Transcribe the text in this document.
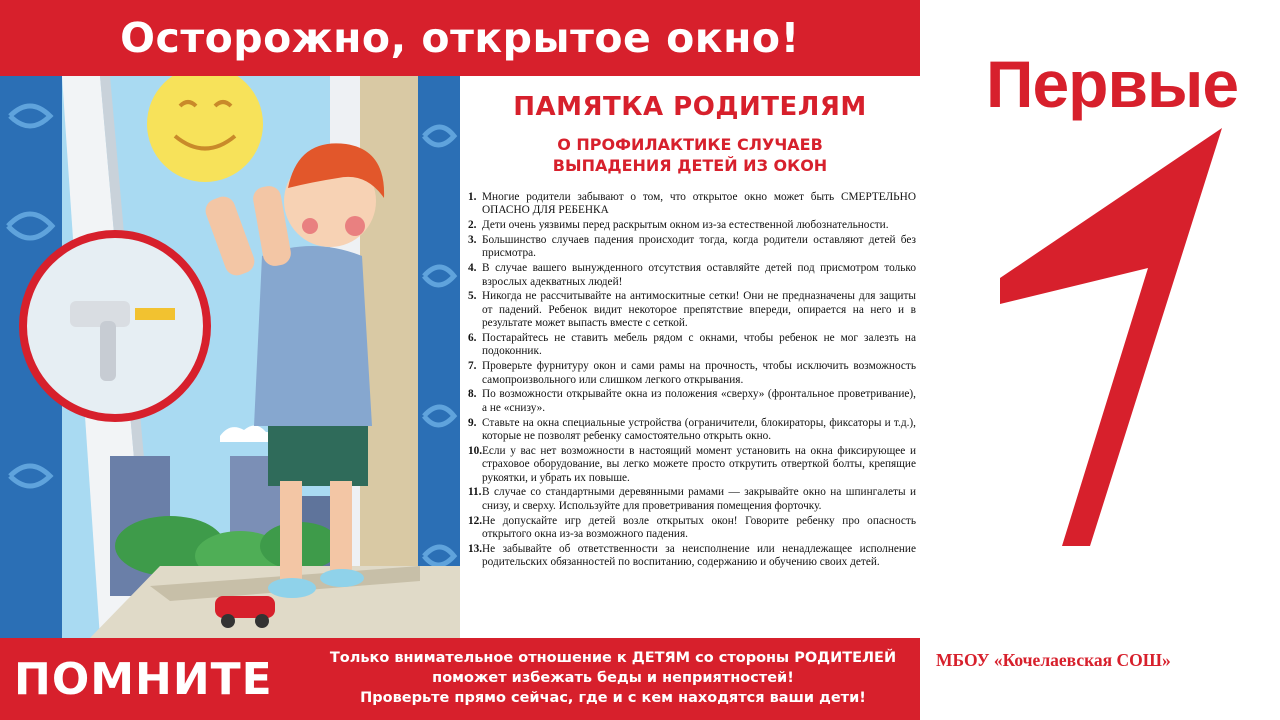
Осторожно, открытое окно!
ПАМЯТКА РОДИТЕЛЯМ
О ПРОФИЛАКТИКЕ СЛУЧАЕВ
ВЫПАДЕНИЯ ДЕТЕЙ ИЗ ОКОН
1. Многие родители забывают о том, что открытое окно может быть СМЕРТЕЛЬНО ОПАСНО ДЛЯ РЕБЕНКА
2. Дети очень уязвимы перед раскрытым окном из-за естественной любознательности.
3. Большинство случаев падения происходит тогда, когда родители оставляют детей без присмотра.
4. В случае вашего вынужденного отсутствия оставляйте детей под присмотром только взрослых адекватных людей!
5. Никогда не рассчитывайте на антимоскитные сетки! Они не предназначены для защиты от падений. Ребенок видит некоторое препятствие впереди, опирается на него и в результате может выпасть вместе с сеткой.
6. Постарайтесь не ставить мебель рядом с окнами, чтобы ребенок не мог залезть на подоконник.
7. Проверьте фурнитуру окон и сами рамы на прочность, чтобы исключить возможность самопроизвольного или слишком легкого открывания.
8. По возможности открывайте окна из положения «сверху» (фронтальное проветривание), а не «снизу».
9. Ставьте на окна специальные устройства (ограничители, блокираторы, фиксаторы и т.д.), которые не позволят ребенку самостоятельно открыть окно.
10.Если у вас нет возможности в настоящий момент установить на окна фиксирующее и страховое оборудование, вы легко можете просто открутить отверткой болты, крепящие рукоятки, и убрать их повыше.
11.В случае со стандартными деревянными рамами — закрывайте окно на шпингалеты и снизу, и сверху. Используйте для проветривания помещения форточку.
12.Не допускайте игр детей возле открытых окон! Говорите ребенку про опасность открытого окна из-за возможного падения.
13.Не забывайте об ответственности за неисполнение или ненадлежащее исполнение родительских обязанностей по воспитанию, содержанию и обучению своих детей.
ПОМНИТЕ	Только внимательное отношение к ДЕТЯМ со стороны РОДИТЕЛЕЙ
поможет избежать беды и неприятностей!
Проверьте прямо сейчас, где и с кем находятся ваши дети!
Первые
МБОУ «Кочелаевская СОШ»
